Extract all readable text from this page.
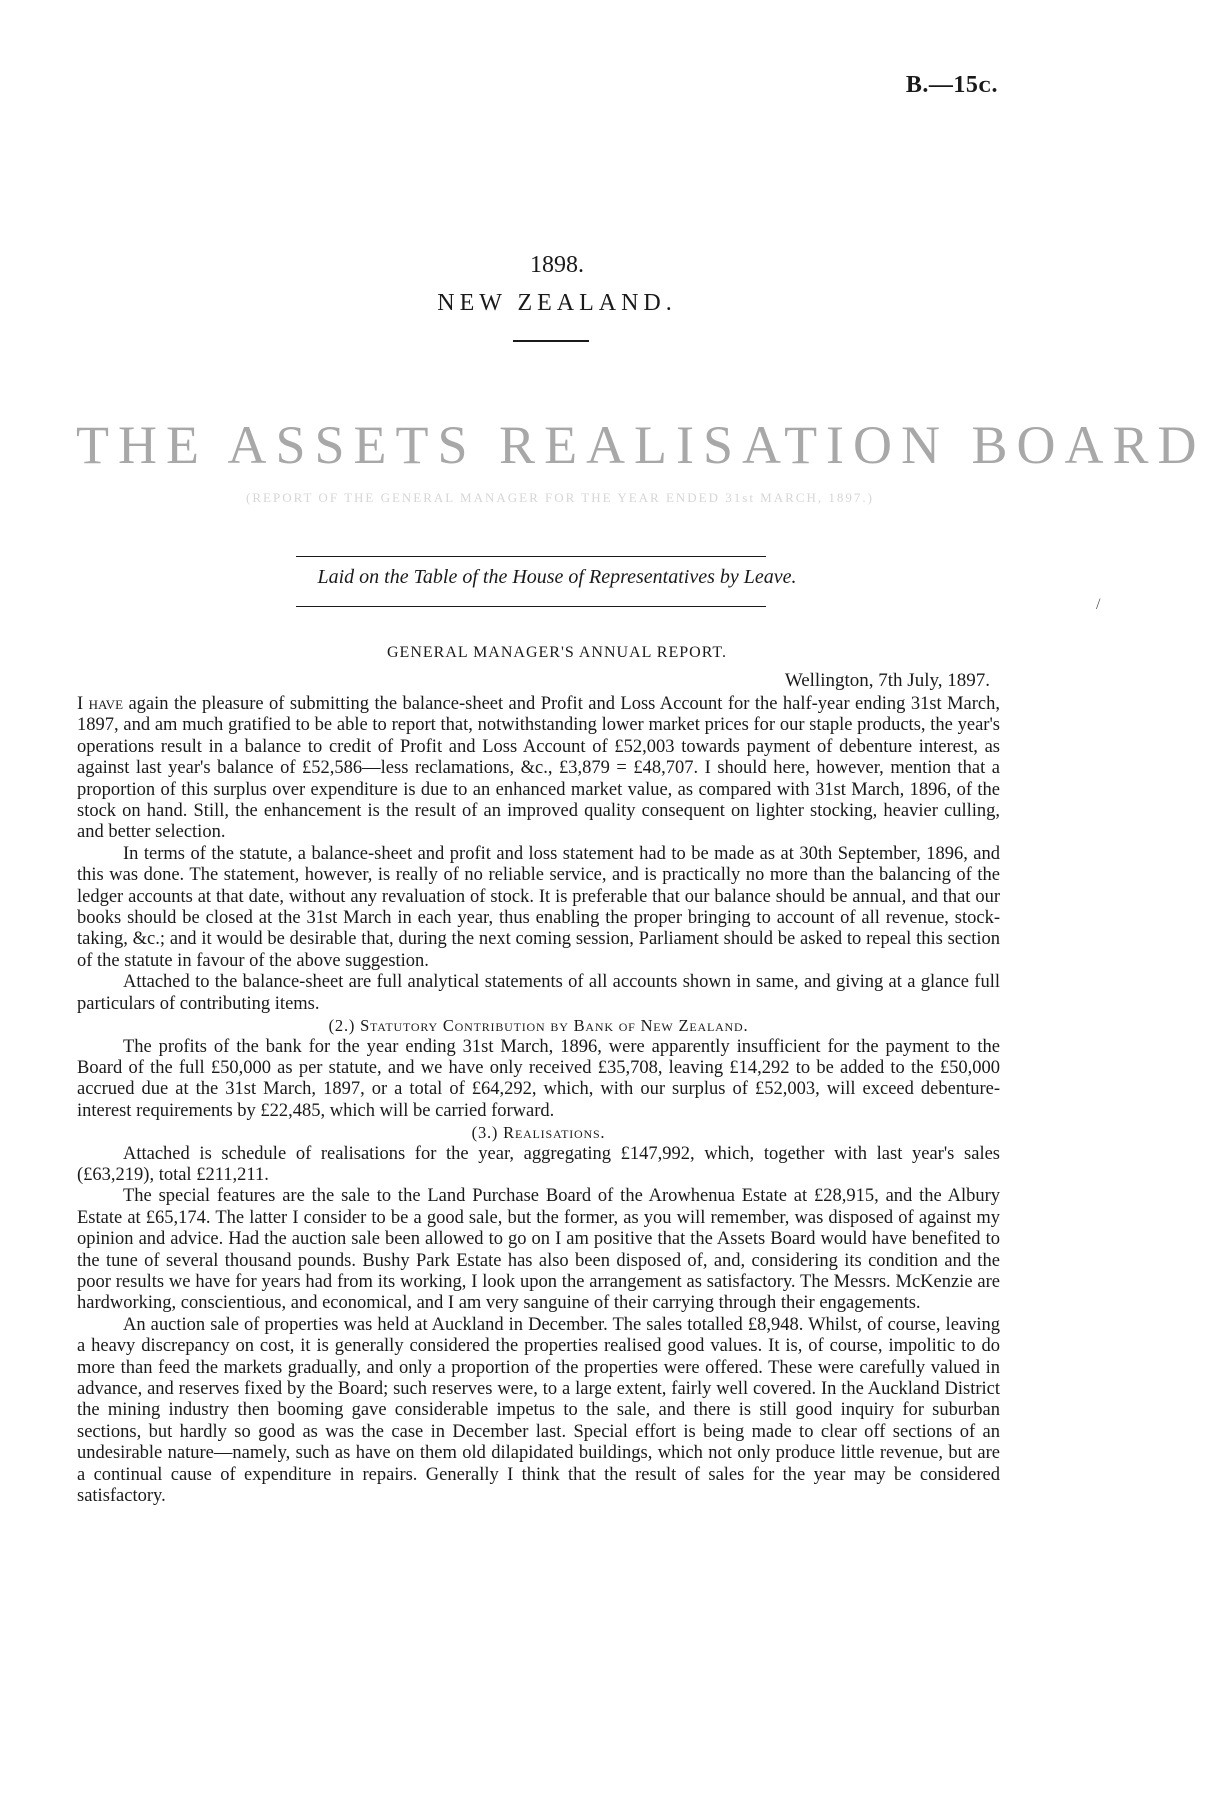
B.—15ᴄ.
1898.
NEW ZEALAND.
THE ASSETS REALISATION BOARD
(REPORT OF THE GENERAL MANAGER FOR THE YEAR ENDED 31st MARCH, 1897.)
Laid on the Table of the House of Representatives by Leave.
/
GENERAL MANAGER'S ANNUAL REPORT.
Wellington, 7th July, 1897.

I have again the pleasure of submitting the balance-sheet and Profit and Loss Account for the half-year ending 31st March, 1897, and am much gratified to be able to report that, notwithstanding lower market prices for our staple products, the year's operations result in a balance to credit of Profit and Loss Account of £52,003 towards payment of debenture interest, as against last year's balance of £52,586—less reclamations, &c., £3,879 = £48,707. I should here, however, mention that a proportion of this surplus over expenditure is due to an enhanced market value, as compared with 31st March, 1896, of the stock on hand. Still, the enhancement is the result of an improved quality consequent on lighter stocking, heavier culling, and better selection.

In terms of the statute, a balance-sheet and profit and loss statement had to be made as at 30th September, 1896, and this was done. The statement, however, is really of no reliable service, and is practically no more than the balancing of the ledger accounts at that date, without any revaluation of stock. It is preferable that our balance should be annual, and that our books should be closed at the 31st March in each year, thus enabling the proper bringing to account of all revenue, stock-taking, &c.; and it would be desirable that, during the next coming session, Parliament should be asked to repeal this section of the statute in favour of the above suggestion.

Attached to the balance-sheet are full analytical statements of all accounts shown in same, and giving at a glance full particulars of contributing items.

(2.) Statutory Contribution by Bank of New Zealand.

The profits of the bank for the year ending 31st March, 1896, were apparently insufficient for the payment to the Board of the full £50,000 as per statute, and we have only received £35,708, leaving £14,292 to be added to the £50,000 accrued due at the 31st March, 1897, or a total of £64,292, which, with our surplus of £52,003, will exceed debenture-interest requirements by £22,485, which will be carried forward.

(3.) Realisations.

Attached is schedule of realisations for the year, aggregating £147,992, which, together with last year's sales (£63,219), total £211,211.

The special features are the sale to the Land Purchase Board of the Arowhenua Estate at £28,915, and the Albury Estate at £65,174. The latter I consider to be a good sale, but the former, as you will remember, was disposed of against my opinion and advice. Had the auction sale been allowed to go on I am positive that the Assets Board would have benefited to the tune of several thousand pounds. Bushy Park Estate has also been disposed of, and, considering its condition and the poor results we have for years had from its working, I look upon the arrangement as satisfactory. The Messrs. McKenzie are hardworking, conscientious, and economical, and I am very sanguine of their carrying through their engagements.

An auction sale of properties was held at Auckland in December. The sales totalled £8,948. Whilst, of course, leaving a heavy discrepancy on cost, it is generally considered the properties realised good values. It is, of course, impolitic to do more than feed the markets gradually, and only a proportion of the properties were offered. These were carefully valued in advance, and reserves fixed by the Board; such reserves were, to a large extent, fairly well covered. In the Auckland District the mining industry then booming gave considerable impetus to the sale, and there is still good inquiry for suburban sections, but hardly so good as was the case in December last. Special effort is being made to clear off sections of an undesirable nature—namely, such as have on them old dilapidated buildings, which not only produce little revenue, but are a continual cause of expenditure in repairs. Generally I think that the result of sales for the year may be considered satisfactory.
